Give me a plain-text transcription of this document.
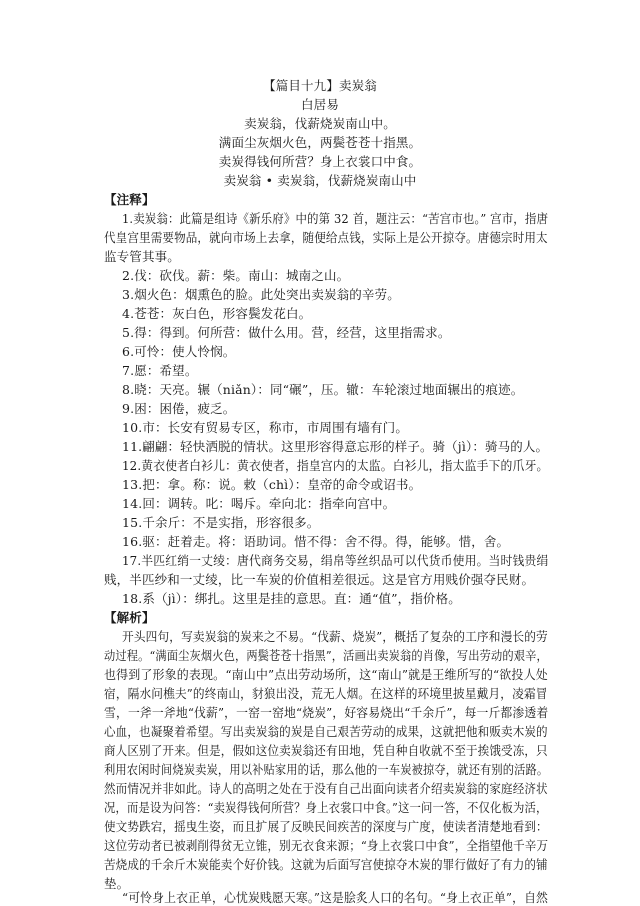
【篇目十九】卖炭翁
白居易
卖炭翁，伐薪烧炭南山中。
满面尘灰烟火色，两鬓苍苍十指黑。
卖炭得钱何所营？身上衣裳口中食。
卖炭翁 • 卖炭翁，伐薪烧炭南山中
【注释】
1.卖炭翁：此篇是组诗《新乐府》中的第 32 首，题注云：“苦宫市也。” 宫市，指唐
代皇宫里需要物品，就向市场上去拿，随便给点钱，实际上是公开掠夺。唐德宗时用太
监专管其事。
2.伐：砍伐。薪：柴。南山：城南之山。
3.烟火色：烟熏色的脸。此处突出卖炭翁的辛劳。
4.苍苍：灰白色，形容鬓发花白。
5.得：得到。何所营：做什么用。营，经营，这里指需求。
6.可怜：使人怜悯。
7.愿：希望。
8.晓：天亮。辗（niǎn）：同“碾”，压。辙：车轮滚过地面辗出的痕迹。
9.困：困倦，疲乏。
10.市：长安有贸易专区，称市，市周围有墙有门。
11.翩翩：轻快洒脱的情状。这里形容得意忘形的样子。骑（jì）：骑马的人。
12.黄衣使者白衫儿：黄衣使者，指皇宫内的太监。白衫儿，指太监手下的爪牙。
13.把：拿。称：说。敕（chì）：皇帝的命令或诏书。
14.回：调转。叱：喝斥。牵向北：指牵向宫中。
15.千余斤：不是实指，形容很多。
16.驱：赶着走。将：语助词。惜不得：舍不得。得，能够。惜，舍。
17.半匹红绡一丈绫：唐代商务交易，绢帛等丝织品可以代货币使用。当时钱贵绢
贱，半匹纱和一丈绫，比一车炭的价值相差很远。这是官方用贱价强夺民财。
18.系（jì）：绑扎。这里是挂的意思。直：通“值”，指价格。
【解析】
开头四句，写卖炭翁的炭来之不易。“伐薪、烧炭”，概括了复杂的工序和漫长的劳
动过程。“满面尘灰烟火色，两鬓苍苍十指黑”，活画出卖炭翁的肖像，写出劳动的艰辛，
也得到了形象的表现。“南山中”点出劳动场所，这“南山”就是王维所写的“欲投人处
宿，隔水问樵夫”的终南山，豺狼出没，荒无人烟。在这样的环境里披星戴月，凌霜冒
雪，一斧一斧地“伐薪”，一窑一窑地“烧炭”，好容易烧出“千余斤”，每一斤都渗透着
心血，也凝聚着希望。写出卖炭翁的炭是自己艰苦劳动的成果，这就把他和贩卖木炭的
商人区别了开来。但是，假如这位卖炭翁还有田地，凭自种自收就不至于挨饿受冻，只
利用农闲时间烧炭卖炭，用以补贴家用的话，那么他的一车炭被掠夺，就还有别的活路。
然而情况并非如此。诗人的高明之处在于没有自己出面向读者介绍卖炭翁的家庭经济状
况，而是设为问答：“卖炭得钱何所营？身上衣裳口中食。”这一问一答，不仅化板为活，
使文势跌宕，摇曳生姿，而且扩展了反映民间疾苦的深度与广度，使读者清楚地看到：
这位劳动者已被剥削得贫无立锥，别无衣食来源；“身上衣裳口中食”，全指望他千辛万
苦烧成的千余斤木炭能卖个好价钱。这就为后面写宫使掠夺木炭的罪行做好了有力的铺
垫。
“可怜身上衣正单，心忧炭贱愿天寒。”这是脍炙人口的名句。“身上衣正单”，自然
